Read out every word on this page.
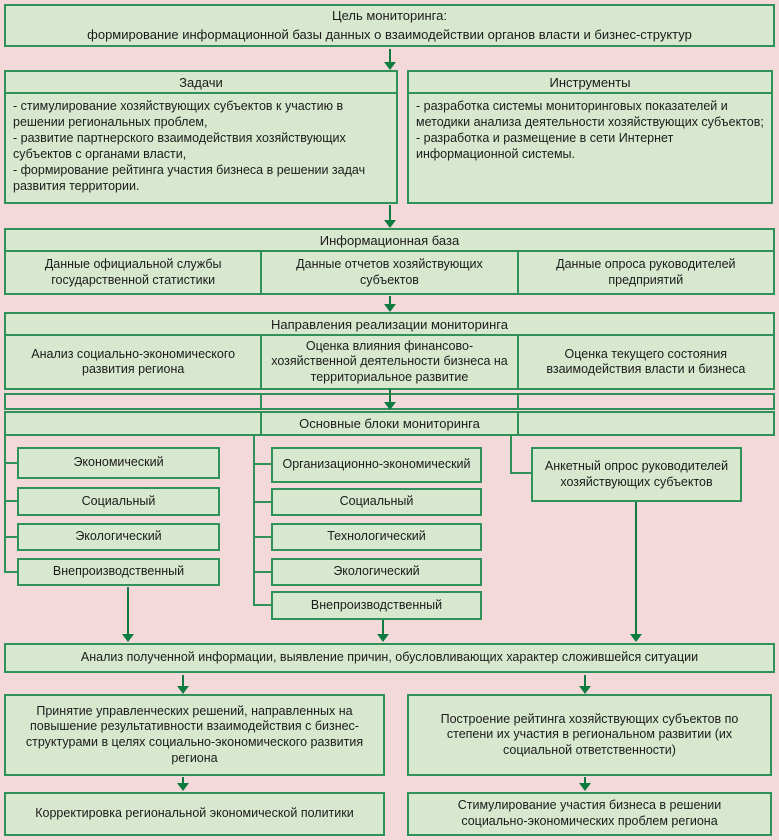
Цель мониторинга:
формирование информационной базы данных о взаимодействии органов власти и бизнес-структур
Задачи
- стимулирование хозяйствующих субъектов к участию в решении региональных проблем,
- развитие партнерского взаимодействия хозяйствующих субъектов с органами власти,
- формирование рейтинга участия бизнеса в решении задач развития территории.
Инструменты
- разработка системы мониторинговых показателей и методики анализа деятельности хозяйствующих субъектов;
- разработка и размещение в сети Интернет информационной системы.
Информационная база
Данные официальной службы государственной статистики
Данные отчетов хозяйствующих субъектов
Данные опроса руководителей предприятий
Направления реализации мониторинга
Анализ социально-экономического развития региона
Оценка влияния финансово-хозяйственной деятельности бизнеса на территориальное развитие
Оценка текущего состояния взаимодействия власти и бизнеса
Основные блоки мониторинга
Экономический
Социальный
Экологический
Внепроизводственный
Организационно-экономический
Социальный
Технологический
Экологический
Внепроизводственный
Анкетный опрос руководителей хозяйствующих субъектов
Анализ полученной информации, выявление причин, обусловливающих характер сложившейся ситуации
Принятие управленческих решений, направленных на повышение результативности взаимодействия с бизнес-структурами в целях социально-экономического развития региона
Построение рейтинга хозяйствующих субъектов по степени их участия в региональном развитии (их социальной ответственности)
Корректировка региональной экономической политики
Стимулирование участия бизнеса в решении социально-экономических проблем региона
